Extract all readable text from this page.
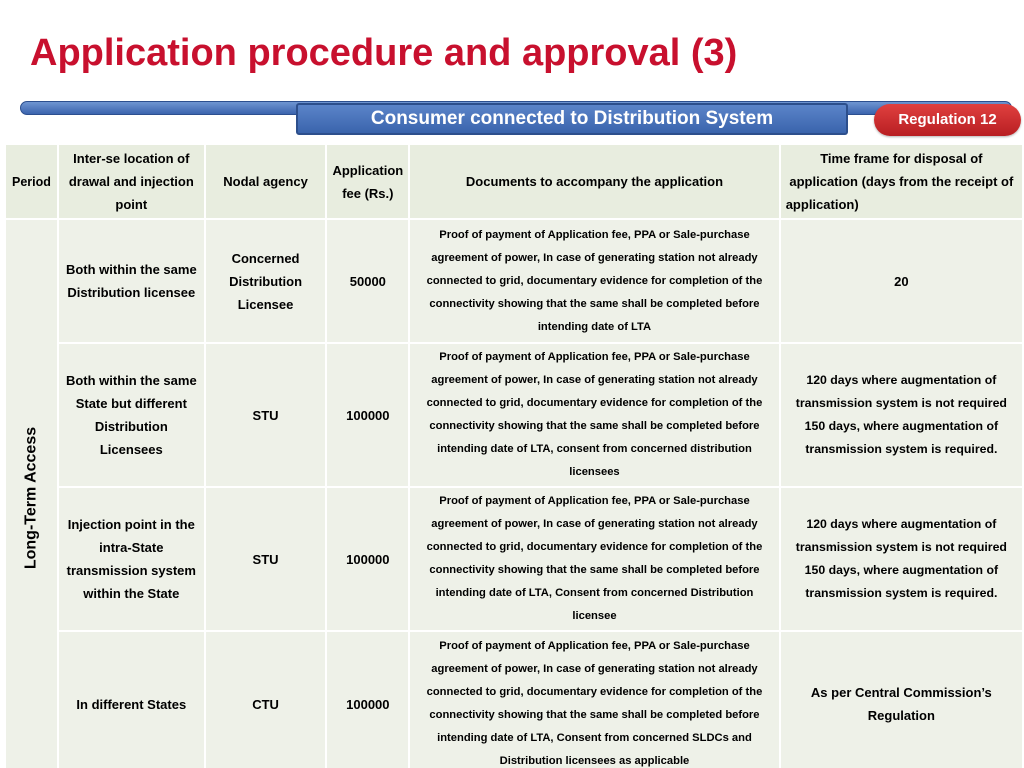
Application procedure and approval (3)
Consumer connected to Distribution System	Regulation 12
Period	Inter-se location of drawal and injection point	Nodal agency	Application fee (Rs.)	Documents to accompany the application	Time frame for disposal of application (days from the receipt of application)

Long-Term Access	Both within the same Distribution licensee	Concerned Distribution Licensee	50000	Proof of payment of Application fee, PPA or Sale-purchase agreement of power, In case of generating station not already connected to grid, documentary evidence for completion of the connectivity showing that the same shall be completed before intending date of LTA	20

	Both within the same State but different Distribution Licensees	STU	100000	Proof of payment of Application fee, PPA or Sale-purchase agreement of power, In case of generating station not already connected to grid, documentary evidence for completion of the connectivity showing that the same shall be completed before intending date of LTA, consent from concerned distribution licensees	120 days where augmentation of transmission system is not required
150 days, where augmentation of transmission system is required.

	Injection point in the intra-State transmission system within the State	STU	100000	Proof of payment of Application fee, PPA or Sale-purchase agreement of power, In case of generating station not already connected to grid, documentary evidence for completion of the connectivity showing that the same shall be completed before intending date of LTA, Consent from concerned Distribution licensee	120 days where augmentation of transmission system is not required
150 days, where augmentation of transmission system is required.

	In different States	CTU	100000	Proof of payment of Application fee, PPA or Sale-purchase agreement of power, In case of generating station not already connected to grid, documentary evidence for completion of the connectivity showing that the same shall be completed before intending date of LTA, Consent from concerned SLDCs and Distribution licensees as applicable	As per Central Commission’s Regulation
